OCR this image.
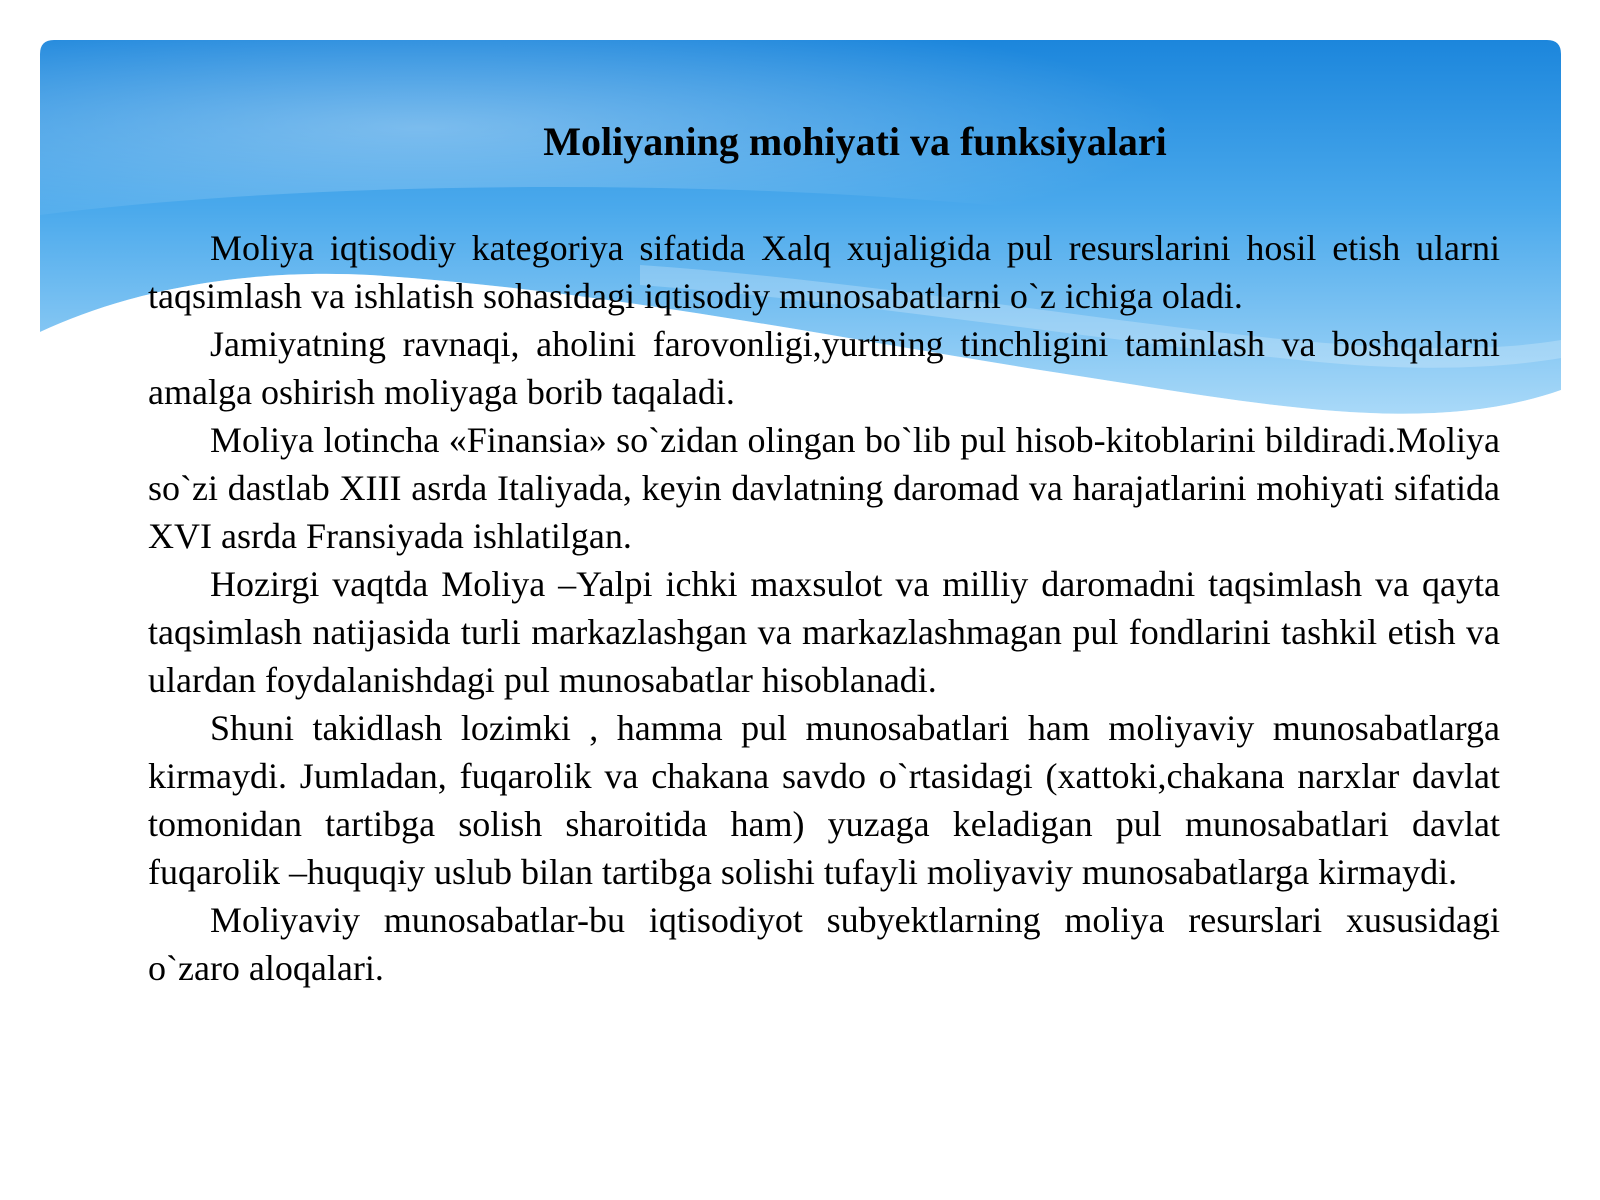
Moliyaning mohiyati va funksiyalari

Moliya iqtisodiy kategoriya sifatida Xalq xujaligida pul resurslarini hosil etish ularni taqsimlash va ishlatish sohasidagi iqtisodiy munosabatlarni o`z ichiga oladi.

Jamiyatning ravnaqi, aholini farovonligi,yurtning tinchligini taminlash va boshqalarni amalga oshirish moliyaga borib taqaladi.

Moliya lotincha «Finansia» so`zidan olingan bo`lib pul hisob-kitoblarini bildiradi.Moliya so`zi dastlab XIII asrda Italiyada, keyin davlatning daromad va harajatlarini mohiyati sifatida XVI asrda Fransiyada ishlatilgan.

Hozirgi vaqtda Moliya –Yalpi ichki maxsulot va milliy daromadni taqsimlash va qayta taqsimlash natijasida turli markazlashgan va markazlashmagan pul fondlarini tashkil etish va ulardan foydalanishdagi pul munosabatlar hisoblanadi.

Shuni takidlash lozimki , hamma pul munosabatlari ham moliyaviy munosabatlarga kirmaydi. Jumladan, fuqarolik va chakana savdo o`rtasidagi (xattoki,chakana narxlar davlat tomonidan tartibga solish sharoitida ham) yuzaga keladigan pul munosabatlari davlat fuqarolik –huquqiy uslub bilan tartibga solishi tufayli moliyaviy munosabatlarga kirmaydi.

Moliyaviy munosabatlar-bu iqtisodiyot subyektlarning moliya resurslari xususidagi o`zaro aloqalari.
